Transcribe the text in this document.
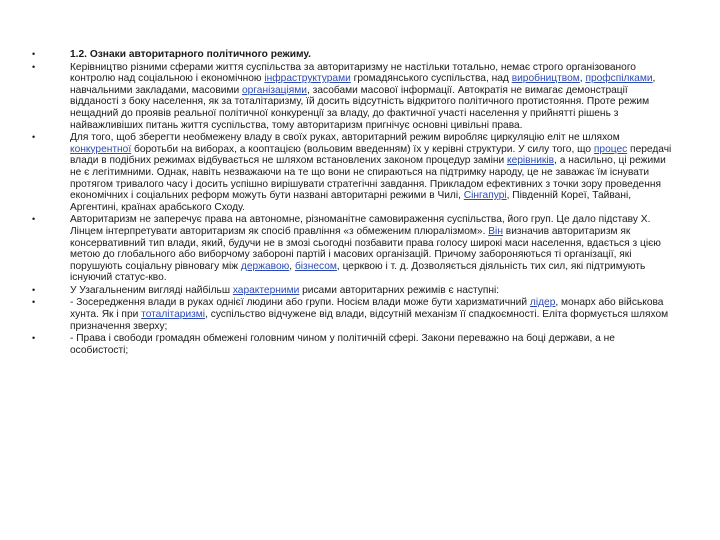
•	1.2. Ознаки авторитарного політичного режиму.
•	Керівництво різними сферами життя суспільства за авторитаризму не настільки тотально, немає строго організованого контролю над соціальною і економічною інфраструктурами громадянського суспільства, над виробництвом, профспілками, навчальними закладами, масовими організаціями, засобами масової інформації. Автократія не вимагає демонстрації відданості з боку населення, як за тоталітаризму, їй досить відсутність відкритого політичного протистояння. Проте режим нещадний до проявів реальної політичної конкуренції за владу, до фактичної участі населення у прийнятті рішень з найважливіших питань життя суспільства, тому авторитаризм пригнічує основні цивільні права.
•	Для того, щоб зберегти необмежену владу в своїх руках, авторитарний режим виробляє циркуляцію еліт не шляхом конкурентної боротьби на виборах, а кооптацією (вольовим введенням) їх у керівні структури. У силу того, що процес передачі влади в подібних режимах відбувається не шляхом встановлених законом процедур заміни керівників, а насильно, ці режими не є легітимними. Однак, навіть незважаючи на те що вони не спираються на підтримку народу, це не заважає їм існувати протягом тривалого часу і досить успішно вирішувати стратегічні завдання. Прикладом ефективних з точки зору проведення економічних і соціальних реформ можуть бути названі авторитарні режими в Чилі, Сінгапурі, Південній Кореї, Тайвані, Аргентині, країнах арабського Сходу.
•	Авторитаризм не заперечує права на автономне, різноманітне самовираження суспільства, його груп. Це дало підставу Х. Лінцем інтерпретувати авторитаризм як спосіб правління «з обмеженим плюралізмом». Він визначив авторитаризм як консервативний тип влади, який, будучи не в змозі сьогодні позбавити права голосу широкі маси населення, вдається з цією метою до глобального або виборчому забороні партій і масових організацій. Причому забороняються ті організації, які порушують соціальну рівновагу між державою, бізнесом, церквою і т. д. Дозволяється діяльність тих сил, які підтримують існуючий статус-кво.
•	У Узагальненим вигляді найбільш характерними рисами авторитарних режимів є наступні:
•	- Зосередження влади в руках однієї людини або групи. Носієм влади може бути харизматичний лідер, монарх або військова хунта. Як і при тоталітаризмі, суспільство відчужене від влади, відсутній механізм її спадкоємності. Еліта формується шляхом призначення зверху;
•	- Права і свободи громадян обмежені головним чином у політичній сфері. Закони переважно на боці держави, а не особистості;
